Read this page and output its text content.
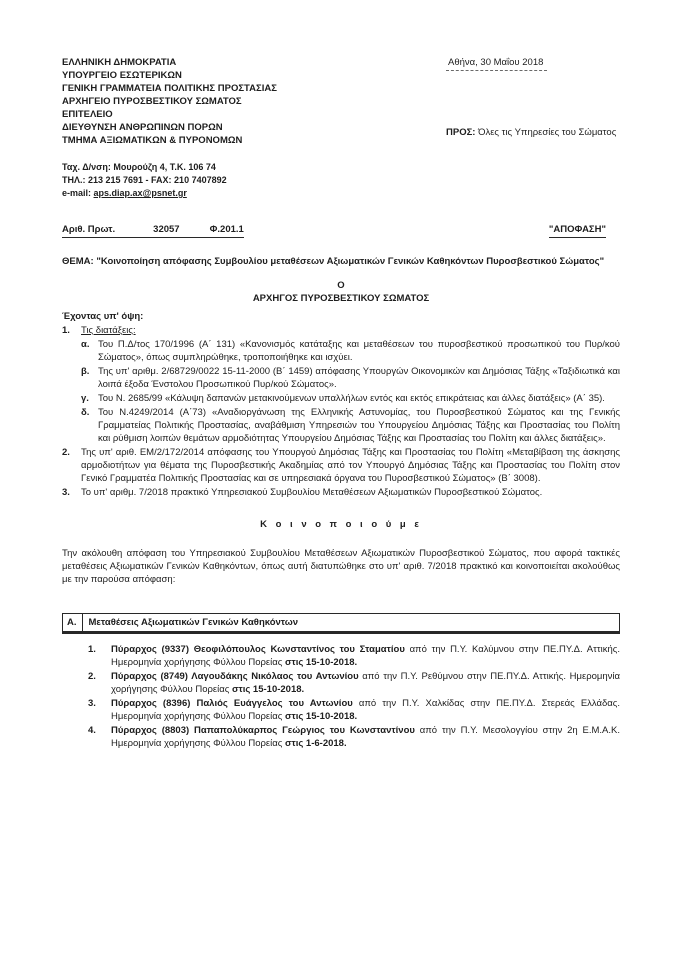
ΕΛΛΗΝΙΚΗ ΔΗΜΟΚΡΑΤΙΑ
ΥΠΟΥΡΓΕΙΟ ΕΣΩΤΕΡΙΚΩΝ
ΓΕΝΙΚΗ ΓΡΑΜΜΑΤΕΙΑ ΠΟΛΙΤΙΚΗΣ ΠΡΟΣΤΑΣΙΑΣ
ΑΡΧΗΓΕΙΟ ΠΥΡΟΣΒΕΣΤΙΚΟΥ ΣΩΜΑΤΟΣ
ΕΠΙΤΕΛΕΙΟ
ΔΙΕΥΘΥΝΣΗ ΑΝΘΡΩΠΙΝΩΝ ΠΟΡΩΝ
ΤΜΗΜΑ ΑΞΙΩΜΑΤΙΚΩΝ & ΠΥΡΟΝΟΜΩΝ
Ταχ. Δ/νση: Μουρούζη 4, Τ.Κ. 106 74
ΤΗΛ.: 213 215 7691 - FAX: 210 7407892
e-mail: aps.diap.ax@psnet.gr
Αθήνα, 30 Μαΐου 2018
ΠΡΟΣ: Όλες τις Υπηρεσίες του Σώματος
Αριθ. Πρωτ.	32057	Φ.201.1	"ΑΠΟΦΑΣΗ"
ΘΕΜΑ: "Κοινοποίηση απόφασης Συμβουλίου μεταθέσεων Αξιωματικών Γενικών Καθηκόντων Πυροσβεστικού Σώματος"
Ο
ΑΡΧΗΓΟΣ ΠΥΡΟΣΒΕΣΤΙΚΟΥ ΣΩΜΑΤΟΣ
Έχοντας υπ' όψη:
1.	Τις διατάξεις:
α. Του Π.Δ/τος 170/1996 (Α΄ 131) «Κανονισμός κατάταξης και μεταθέσεων του πυροσβεστικού προσωπικού του Πυρ/κού Σώματος», όπως συμπληρώθηκε, τροποποιήθηκε και ισχύει.
β. Της υπ' αριθμ. 2/68729/0022 15-11-2000 (Β΄ 1459) απόφασης Υπουργών Οικονομικών και Δημόσιας Τάξης «Ταξιδιωτικά και λοιπά έξοδα Ένστολου Προσωπικού Πυρ/κού Σώματος».
γ. Του Ν. 2685/99 «Κάλυψη δαπανών μετακινούμενων υπαλλήλων εντός και εκτός επικράτειας και άλλες διατάξεις» (Α΄ 35).
δ. Του Ν.4249/2014 (Α΄73) «Αναδιοργάνωση της Ελληνικής Αστυνομίας, του Πυροσβεστικού Σώματος και της Γενικής Γραμματείας Πολιτικής Προστασίας, αναβάθμιση Υπηρεσιών του Υπουργείου Δημόσιας Τάξης και Προστασίας του Πολίτη και ρύθμιση λοιπών θεμάτων αρμοδιότητας Υπουργείου Δημόσιας Τάξης και Προστασίας του Πολίτη και άλλες διατάξεις».
2.	Της υπ' αριθ. ΕΜ/2/172/2014 απόφασης του Υπουργού Δημόσιας Τάξης και Προστασίας του Πολίτη «Μεταβίβαση της άσκησης αρμοδιοτήτων για θέματα της Πυροσβεστικής Ακαδημίας από τον Υπουργό Δημόσιας Τάξης και Προστασίας του Πολίτη στον Γενικό Γραμματέα Πολιτικής Προστασίας και σε υπηρεσιακά όργανα του Πυροσβεστικού Σώματος» (Β΄ 3008).
3.	Το υπ' αριθμ. 7/2018 πρακτικό Υπηρεσιακού Συμβουλίου Μεταθέσεων Αξιωματικών Πυροσβεστικού Σώματος.
Κ ο ι ν ο π ο ι ο ύ μ ε
Την ακόλουθη απόφαση του Υπηρεσιακού Συμβουλίου Μεταθέσεων Αξιωματικών Πυροσβεστικού Σώματος, που αφορά τακτικές μεταθέσεις Αξιωματικών Γενικών Καθηκόντων, όπως αυτή διατυπώθηκε στο υπ' αριθ. 7/2018 πρακτικό και κοινοποιείται ακολούθως με την παρούσα απόφαση:
Α.	Μεταθέσεις Αξιωματικών Γενικών Καθηκόντων
1.	Πύραρχος (9337) Θεοφιλόπουλος Κωνσταντίνος του Σταματίου από την Π.Υ. Καλύμνου στην ΠΕ.ΠΥ.Δ. Αττικής. Ημερομηνία χορήγησης Φύλλου Πορείας στις 15-10-2018.
2.	Πύραρχος (8749) Λαγουδάκης Νικόλαος του Αντωνίου από την Π.Υ. Ρεθύμνου στην ΠΕ.ΠΥ.Δ. Αττικής. Ημερομηνία χορήγησης Φύλλου Πορείας στις 15-10-2018.
3.	Πύραρχος (8396) Παλιός Ευάγγελος του Αντωνίου από την Π.Υ. Χαλκίδας στην ΠΕ.ΠΥ.Δ. Στερεάς Ελλάδας. Ημερομηνία χορήγησης Φύλλου Πορείας στις 15-10-2018.
4.	Πύραρχος (8803) Παπαπολύκαρπος Γεώργιος του Κωνσταντίνου από την Π.Υ. Μεσολογγίου στην 2η Ε.Μ.Α.Κ. Ημερομηνία χορήγησης Φύλλου Πορείας στις 1-6-2018.
